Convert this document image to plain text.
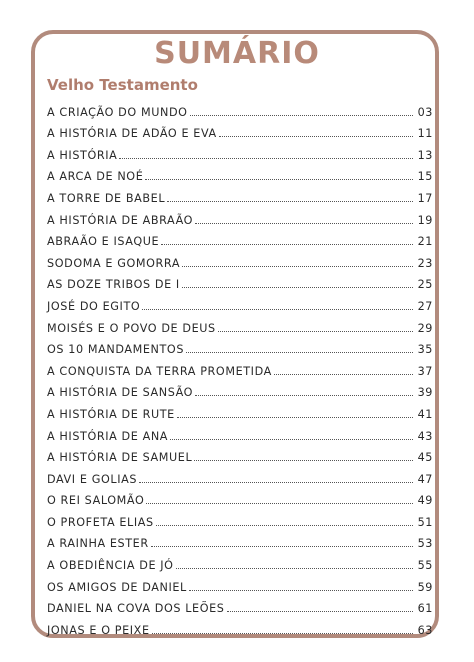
SUMÁRIO
Velho Testamento
A CRIAÇÃO DO MUNDO	03
A HISTÓRIA DE ADÃO E EVA	11
A HISTÓRIA	13
A ARCA DE NOÉ	15
A TORRE DE BABEL	17
A HISTÓRIA DE ABRAÃO	19
ABRAÃO E ISAQUE	21
SODOMA E GOMORRA	23
AS DOZE TRIBOS DE I	25
JOSÉ DO EGITO	27
MOISÉS E O POVO DE DEUS	29
OS 10 MANDAMENTOS	35
A CONQUISTA DA TERRA PROMETIDA	37
A HISTÓRIA DE SANSÃO	39
A HISTÓRIA DE RUTE	41
A HISTÓRIA DE ANA	43
A HISTÓRIA DE SAMUEL	45
DAVI E GOLIAS	47
O REI SALOMÃO	49
O PROFETA ELIAS	51
A RAINHA ESTER	53
A OBEDIÊNCIA DE JÓ	55
OS AMIGOS DE DANIEL	59
DANIEL NA COVA DOS LEÕES	61
JONAS E O PEIXE	63
